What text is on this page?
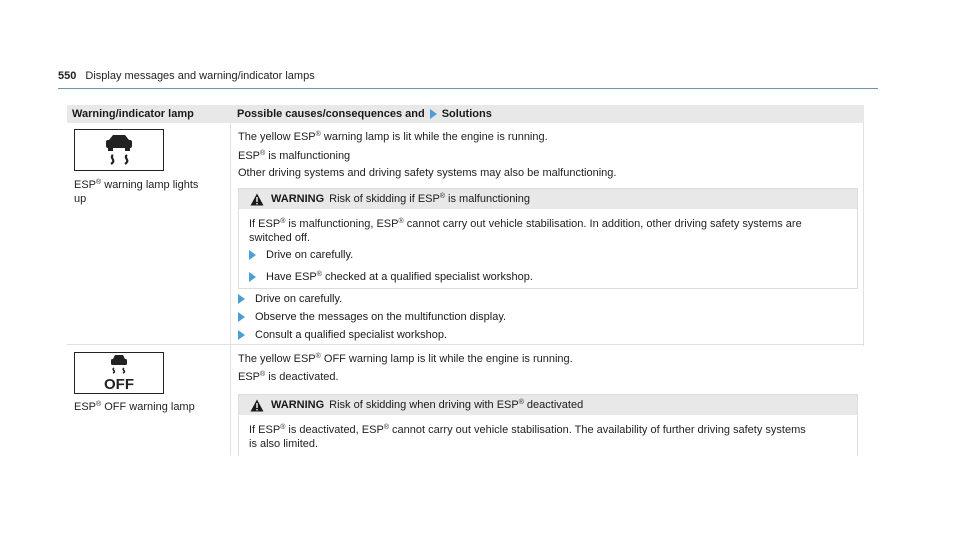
550 Display messages and warning/indicator lamps
Warning/indicator lamp	Possible causes/consequences and Solutions
ESP® warning lamp lights
up
The yellow ESP® warning lamp is lit while the engine is running.
ESP® is malfunctioning
Other driving systems and driving safety systems may also be malfunctioning.
WARNING Risk of skidding if ESP® is malfunctioning
If ESP® is malfunctioning, ESP® cannot carry out vehicle stabilisation. In addition, other driving safety systems are
switched off.
Drive on carefully.
Have ESP® checked at a qualified specialist workshop.
Drive on carefully.
Observe the messages on the multifunction display.
Consult a qualified specialist workshop.
OFF
ESP® OFF warning lamp
The yellow ESP® OFF warning lamp is lit while the engine is running.
ESP® is deactivated.
WARNING Risk of skidding when driving with ESP® deactivated
If ESP® is deactivated, ESP® cannot carry out vehicle stabilisation. The availability of further driving safety systems
is also limited.
